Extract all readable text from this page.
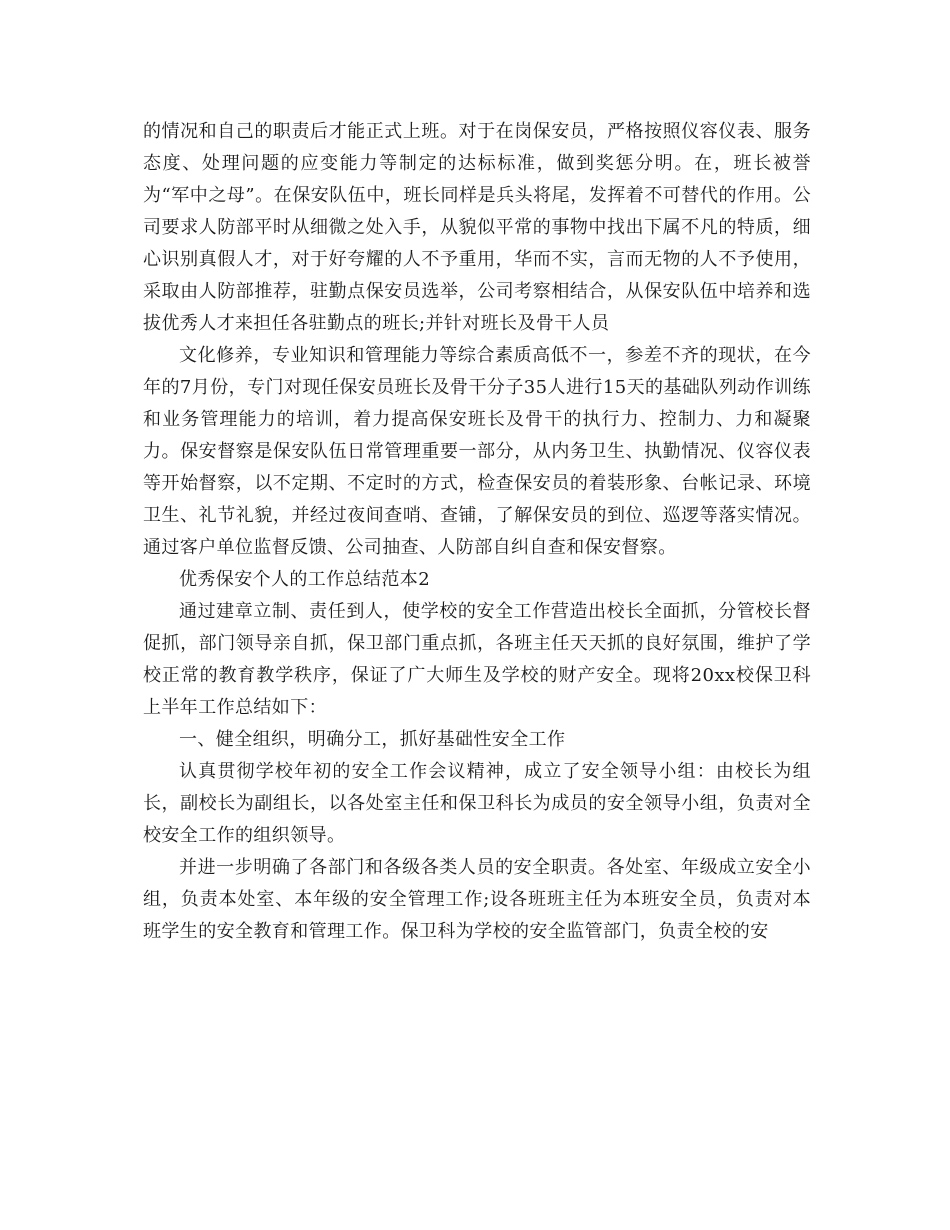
的情况和自己的职责后才能正式上班。对于在岗保安员，严格按照仪容仪表、服务态度、处理问题的应变能力等制定的达标标准，做到奖惩分明。在，班长被誉为“军中之母”。在保安队伍中，班长同样是兵头将尾，发挥着不可替代的作用。公司要求人防部平时从细微之处入手，从貌似平常的事物中找出下属不凡的特质，细心识别真假人才，对于好夸耀的人不予重用，华而不实，言而无物的人不予使用，采取由人防部推荐，驻勤点保安员选举，公司考察相结合，从保安队伍中培养和选拔优秀人才来担任各驻勤点的班长;并针对班长及骨干人员

文化修养，专业知识和管理能力等综合素质高低不一，参差不齐的现状，在今年的7月份，专门对现任保安员班长及骨干分子35人进行15天的基础队列动作训练和业务管理能力的培训，着力提高保安班长及骨干的执行力、控制力、力和凝聚力。保安督察是保安队伍日常管理重要一部分，从内务卫生、执勤情况、仪容仪表等开始督察，以不定期、不定时的方式，检查保安员的着装形象、台帐记录、环境卫生、礼节礼貌，并经过夜间查哨、查铺，了解保安员的到位、巡逻等落实情况。通过客户单位监督反馈、公司抽查、人防部自纠自查和保安督察。

优秀保安个人的工作总结范本2

通过建章立制、责任到人，使学校的安全工作营造出校长全面抓，分管校长督促抓，部门领导亲自抓，保卫部门重点抓，各班主任天天抓的良好氛围，维护了学校正常的教育教学秩序，保证了广大师生及学校的财产安全。现将20xx校保卫科上半年工作总结如下：

一、健全组织，明确分工，抓好基础性安全工作

认真贯彻学校年初的安全工作会议精神，成立了安全领导小组：由校长为组长，副校长为副组长，以各处室主任和保卫科长为成员的安全领导小组，负责对全校安全工作的组织领导。

并进一步明确了各部门和各级各类人员的安全职责。各处室、年级成立安全小组，负责本处室、本年级的安全管理工作;设各班班主任为本班安全员，负责对本班学生的安全教育和管理工作。保卫科为学校的安全监管部门，负责全校的安
